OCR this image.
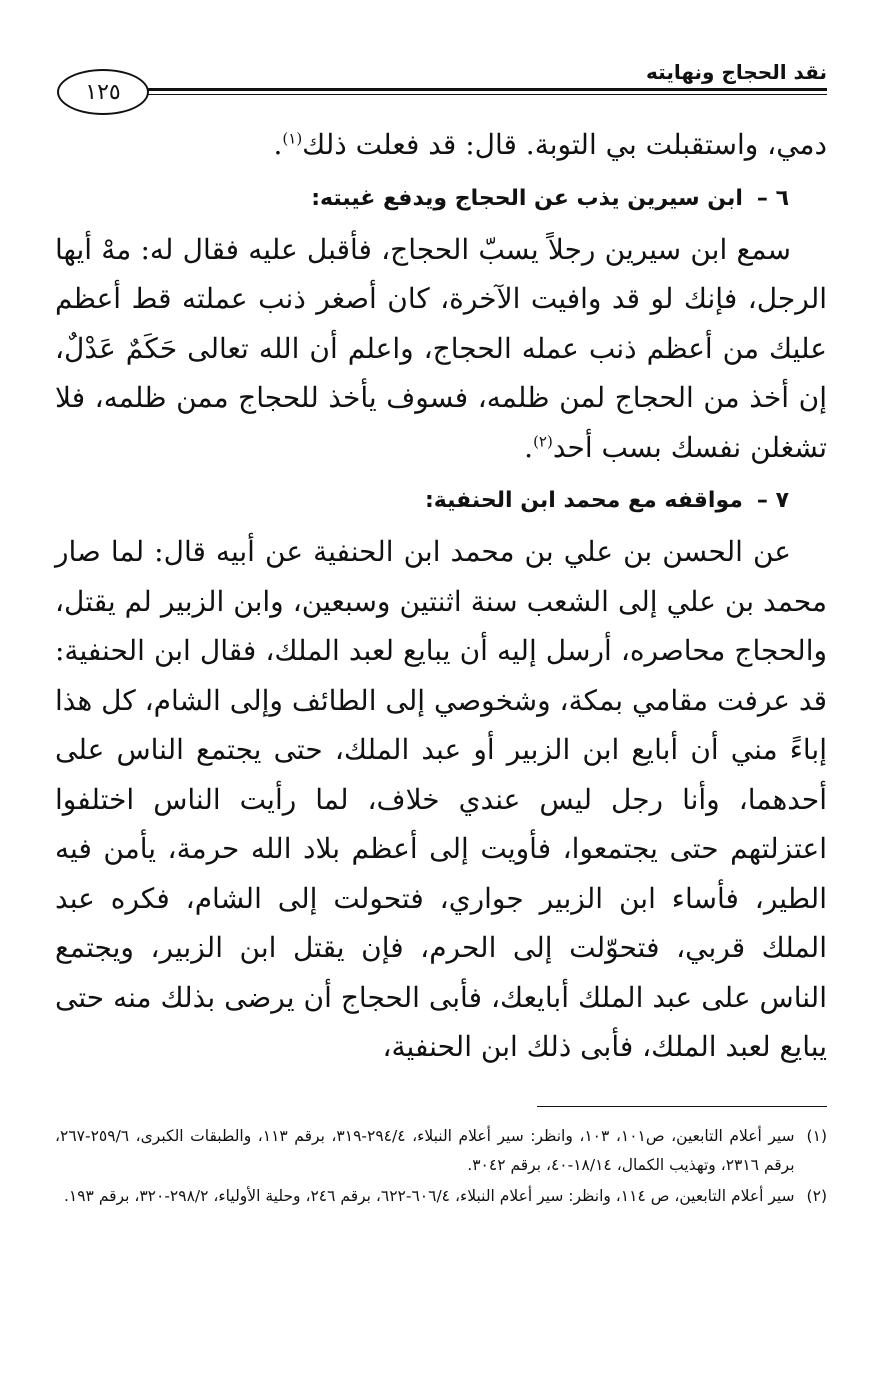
نقد الحجاج ونهايته
١٢٥

دمي، واستقبلت بي التوبة. قال: قد فعلت ذلك$^{(١)}$.

٦ –ابن سيرين يذب عن الحجاج ويدفع غيبته:

سمع ابن سيرين رجلاً يسبّ الحجاج، فأقبل عليه فقال له: مهْ أيها الرجل، فإنك لو قد وافيت الآخرة، كان أصغر ذنب عملته قط أعظم عليك من أعظم ذنب عمله الحجاج، واعلم أن الله تعالى حَكَمٌ عَدْلٌ، إن أخذ من الحجاج لمن ظلمه، فسوف يأخذ للحجاج ممن ظلمه، فلا تشغلن نفسك بسب أحد$^{(٢)}$.

٧ –مواقفه مع محمد ابن الحنفية:

عن الحسن بن علي بن محمد ابن الحنفية عن أبيه قال: لما صار محمد بن علي إلى الشعب سنة اثنتين وسبعين، وابن الزبير لم يقتل، والحجاج محاصره، أرسل إليه أن يبايع لعبد الملك، فقال ابن الحنفية: قد عرفت مقامي بمكة، وشخوصي إلى الطائف وإلى الشام، كل هذا إباءً مني أن أبايع ابن الزبير أو عبد الملك، حتى يجتمع الناس على أحدهما، وأنا رجل ليس عندي خلاف، لما رأيت الناس اختلفوا اعتزلتهم حتى يجتمعوا، فأويت إلى أعظم بلاد الله حرمة، يأمن فيه الطير، فأساء ابن الزبير جواري، فتحولت إلى الشام، فكره عبد الملك قربي، فتحوّلت إلى الحرم، فإن يقتل ابن الزبير، ويجتمع الناس على عبد الملك أبايعك، فأبى الحجاج أن يرضى بذلك منه حتى يبايع لعبد الملك، فأبى ذلك ابن الحنفية،

(١)
سير أعلام التابعين، ص١٠١، ١٠٣، وانظر: سير أعلام النبلاء، ٢٩٤/٤-٣١٩، برقم ١١٣، والطبقات الكبرى، ٢٥٩/٦-٢٦٧، برقم ٢٣١٦، وتهذيب الكمال، ١٨/١٤-٤٠، برقم ٣٠٤٢.
(٢)
سير أعلام التابعين، ص ١١٤، وانظر: سير أعلام النبلاء، ٦٠٦/٤-٦٢٢، برقم ٢٤٦، وحلية الأولياء، ٢٩٨/٢-٣٢٠، برقم ١٩٣.
